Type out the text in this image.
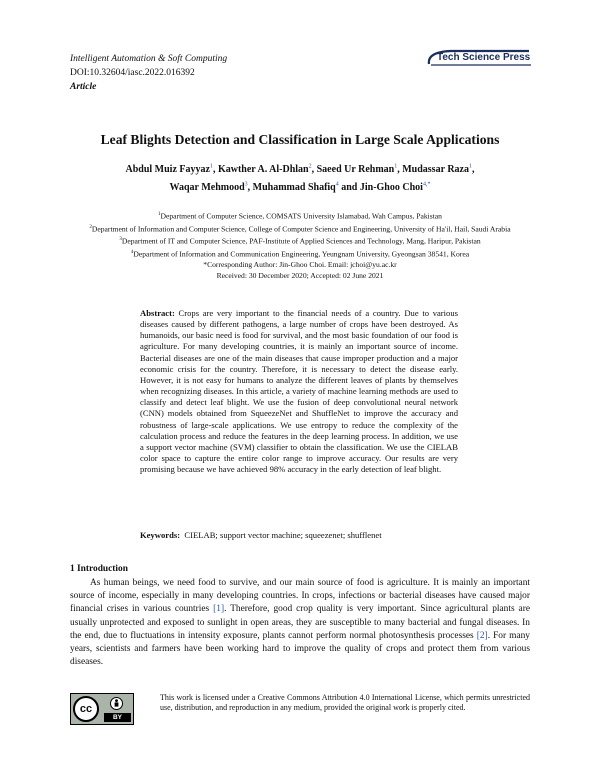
Intelligent Automation & Soft Computing
DOI:10.32604/iasc.2022.016392
Article
Tech Science Press
Leaf Blights Detection and Classification in Large Scale Applications
Abdul Muiz Fayyaz$^1$, Kawther A. Al-Dhlan$^2$, Saeed Ur Rehman$^1$, Mudassar Raza$^1$,
Waqar Mehmood$^3$, Muhammad Shafiq$^4$ and Jin-Ghoo Choi$^{4,*}$
$^1$Department of Computer Science, COMSATS University Islamabad, Wah Campus, Pakistan
$^2$Department of Information and Computer Science, College of Computer Science and Engineering, University of Ha'il, Hail, Saudi Arabia
$^3$Department of IT and Computer Science, PAF-Institute of Applied Sciences and Technology, Mang, Haripur, Pakistan
$^4$Department of Information and Communication Engineering, Yeungnam University, Gyeongsan 38541, Korea
*Corresponding Author: Jin-Ghoo Choi. Email: jchoi@yu.ac.kr
Received: 30 December 2020; Accepted: 02 June 2021
Abstract: Crops are very important to the financial needs of a country. Due to various diseases caused by different pathogens, a large number of crops have been destroyed. As humanoids, our basic need is food for survival, and the most basic foundation of our food is agriculture. For many developing countries, it is mainly an important source of income. Bacterial diseases are one of the main diseases that cause improper production and a major economic crisis for the country. Therefore, it is necessary to detect the disease early. However, it is not easy for humans to analyze the different leaves of plants by themselves when recognizing diseases. In this article, a variety of machine learning methods are used to classify and detect leaf blight. We use the fusion of deep convolutional neural network (CNN) models obtained from SqueezeNet and ShuffleNet to improve the accuracy and robustness of large-scale applications. We use entropy to reduce the complexity of the calculation process and reduce the features in the deep learning process. In addition, we use a support vector machine (SVM) classifier to obtain the classification. We use the CIELAB color space to capture the entire color range to improve accuracy. Our results are very promising because we have achieved 98% accuracy in the early detection of leaf blight.
Keywords: CIELAB; support vector machine; squeezenet; shufflenet
1 Introduction
As human beings, we need food to survive, and our main source of food is agriculture. It is mainly an important source of income, especially in many developing countries. In crops, infections or bacterial diseases have caused major financial crises in various countries [1]. Therefore, good crop quality is very important. Since agricultural plants are usually unprotected and exposed to sunlight in open areas, they are susceptible to many bacterial and fungal diseases. In the end, due to fluctuations in intensity exposure, plants cannot perform normal photosynthesis processes [2]. For many years, scientists and farmers have been working hard to improve the quality of crops and protect them from various diseases.
cc
BY
This work is licensed under a Creative Commons Attribution 4.0 International License, which permits unrestricted use, distribution, and reproduction in any medium, provided the original work is properly cited.
